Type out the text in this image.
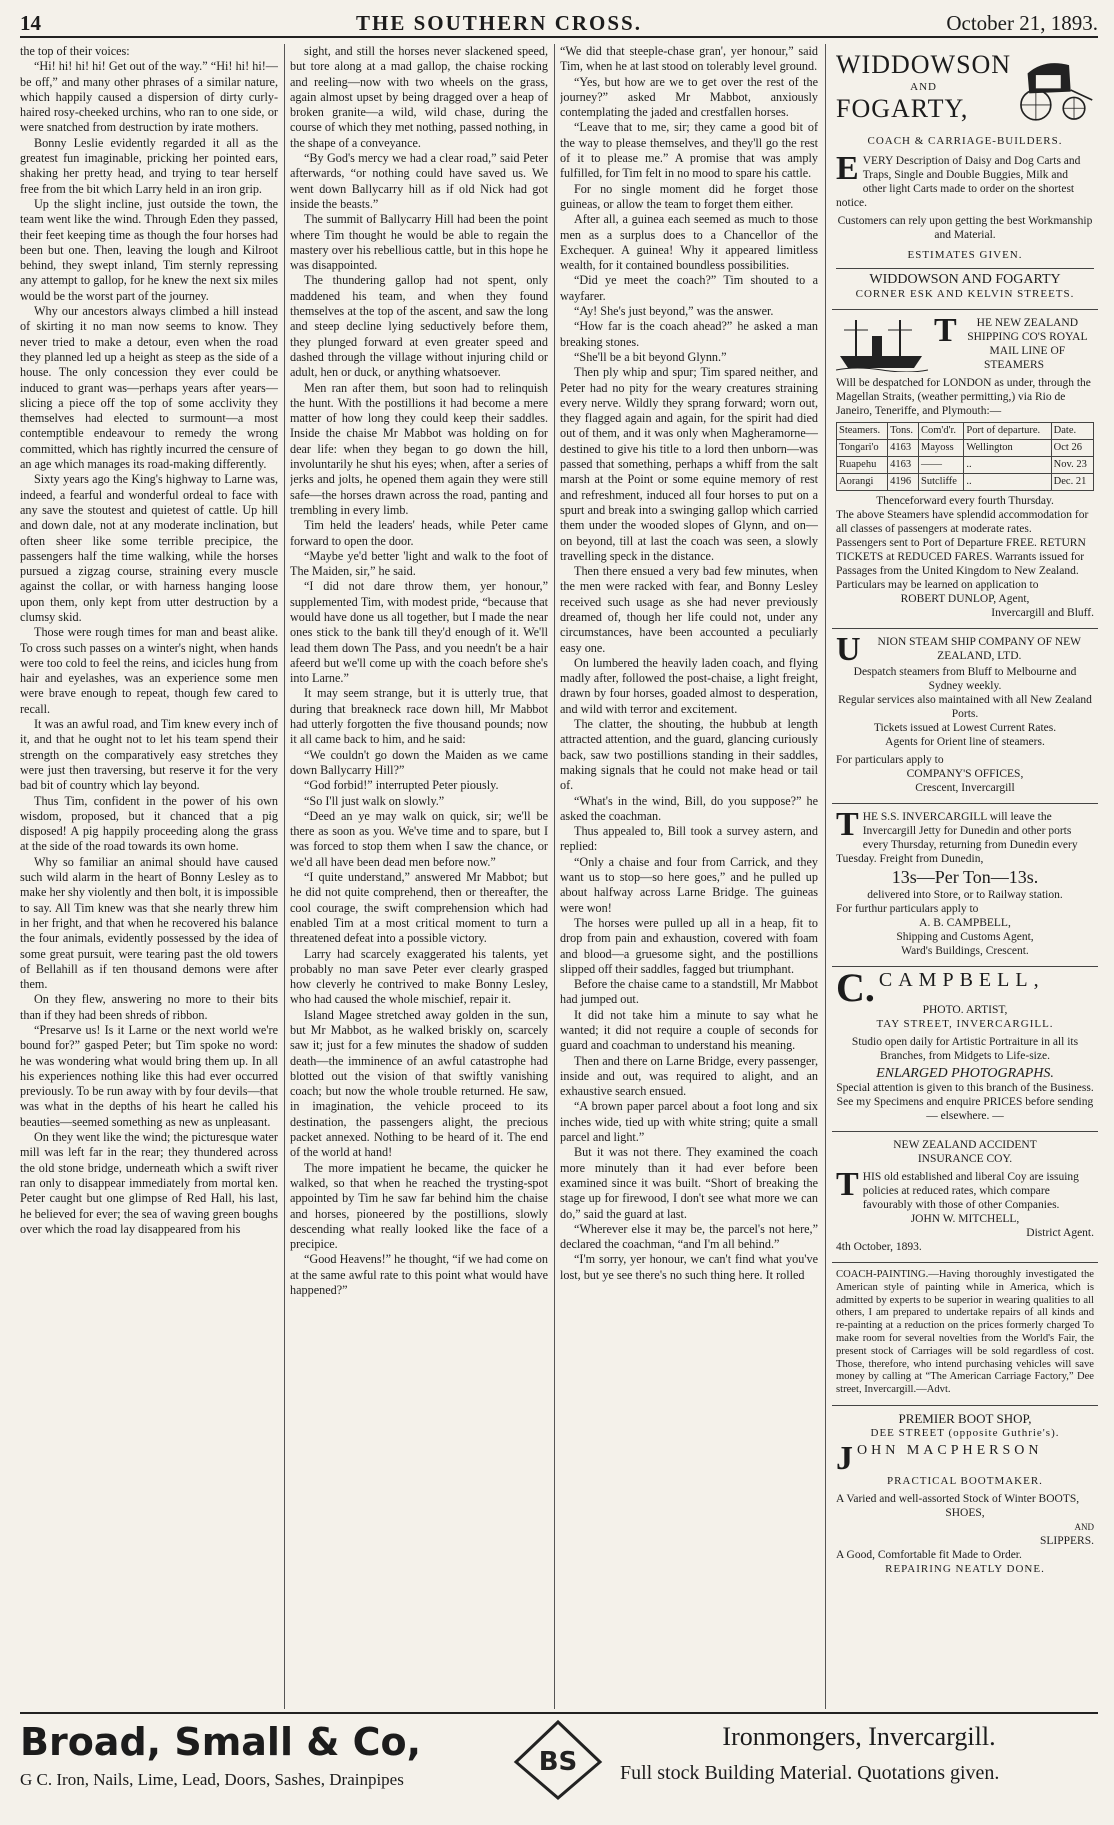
14	THE SOUTHERN CROSS.	October 21, 1893.

the top of their voices:

“Hi! hi! hi! hi! Get out of the way.” “Hi! hi! hi!—be off,” and many other phrases of a similar nature, which happily caused a dispersion of dirty curly-haired rosy-cheeked urchins, who ran to one side, or were snatched from destruction by irate mothers.

Bonny Leslie evidently regarded it all as the greatest fun imaginable, pricking her pointed ears, shaking her pretty head, and trying to tear herself free from the bit which Larry held in an iron grip.

Up the slight incline, just outside the town, the team went like the wind. Through Eden they passed, their feet keeping time as though the four horses had been but one. Then, leaving the lough and Kilroot behind, they swept inland, Tim sternly repressing any attempt to gallop, for he knew the next six miles would be the worst part of the journey.

Why our ancestors always climbed a hill instead of skirting it no man now seems to know. They never tried to make a detour, even when the road they planned led up a height as steep as the side of a house. The only concession they ever could be induced to grant was—perhaps years after years—slicing a piece off the top of some acclivity they themselves had elected to surmount—a most contemptible endeavour to remedy the wrong committed, which has rightly incurred the censure of an age which manages its road-making differently.

Sixty years ago the King's highway to Larne was, indeed, a fearful and wonderful ordeal to face with any save the stoutest and quietest of cattle. Up hill and down dale, not at any moderate inclination, but often sheer like some terrible precipice, the passengers half the time walking, while the horses pursued a zigzag course, straining every muscle against the collar, or with harness hanging loose upon them, only kept from utter destruction by a clumsy skid.

Those were rough times for man and beast alike. To cross such passes on a winter's night, when hands were too cold to feel the reins, and icicles hung from hair and eyelashes, was an experience some men were brave enough to repeat, though few cared to recall.

It was an awful road, and Tim knew every inch of it, and that he ought not to let his team spend their strength on the comparatively easy stretches they were just then traversing, but reserve it for the very bad bit of country which lay beyond.

Thus Tim, confident in the power of his own wisdom, proposed, but it chanced that a pig disposed! A pig happily proceeding along the grass at the side of the road towards its own home.

Why so familiar an animal should have caused such wild alarm in the heart of Bonny Lesley as to make her shy violently and then bolt, it is impossible to say. All Tim knew was that she nearly threw him in her fright, and that when he recovered his balance the four animals, evidently possessed by the idea of some great pursuit, were tearing past the old towers of Bellahill as if ten thousand demons were after them.

On they flew, answering no more to their bits than if they had been shreds of ribbon.

“Presarve us! Is it Larne or the next world we're bound for?” gasped Peter; but Tim spoke no word: he was wondering what would bring them up. In all his experiences nothing like this had ever occurred previously. To be run away with by four devils—that was what in the depths of his heart he called his beauties—seemed something as new as unpleasant.

On they went like the wind; the picturesque water mill was left far in the rear; they thundered across the old stone bridge, underneath which a swift river ran only to disappear immediately from mortal ken. Peter caught but one glimpse of Red Hall, his last, he believed for ever; the sea of waving green boughs over which the road lay disappeared from his

sight, and still the horses never slackened speed, but tore along at a mad gallop, the chaise rocking and reeling—now with two wheels on the grass, again almost upset by being dragged over a heap of broken granite—a wild, wild chase, during the course of which they met nothing, passed nothing, in the shape of a conveyance.

“By God's mercy we had a clear road,” said Peter afterwards, “or nothing could have saved us. We went down Ballycarry hill as if old Nick had got inside the beasts.”

The summit of Ballycarry Hill had been the point where Tim thought he would be able to regain the mastery over his rebellious cattle, but in this hope he was disappointed.

The thundering gallop had not spent, only maddened his team, and when they found themselves at the top of the ascent, and saw the long and steep decline lying seductively before them, they plunged forward at even greater speed and dashed through the village without injuring child or adult, hen or duck, or anything whatsoever.

Men ran after them, but soon had to relinquish the hunt. With the postillions it had become a mere matter of how long they could keep their saddles. Inside the chaise Mr Mabbot was holding on for dear life: when they began to go down the hill, involuntarily he shut his eyes; when, after a series of jerks and jolts, he opened them again they were still safe—the horses drawn across the road, panting and trembling in every limb.

Tim held the leaders' heads, while Peter came forward to open the door.

“Maybe ye'd better 'light and walk to the foot of The Maiden, sir,” he said.

“I did not dare throw them, yer honour,” supplemented Tim, with modest pride, “because that would have done us all together, but I made the near ones stick to the bank till they'd enough of it. We'll lead them down The Pass, and you needn't be a hair afeerd but we'll come up with the coach before she's into Larne.”

It may seem strange, but it is utterly true, that during that breakneck race down hill, Mr Mabbot had utterly forgotten the five thousand pounds; now it all came back to him, and he said:

“We couldn't go down the Maiden as we came down Ballycarry Hill?”

“God forbid!” interrupted Peter piously.

“So I'll just walk on slowly.”

“Deed an ye may walk on quick, sir; we'll be there as soon as you. We've time and to spare, but I was forced to stop them when I saw the chance, or we'd all have been dead men before now.”

“I quite understand,” answered Mr Mabbot; but he did not quite comprehend, then or thereafter, the cool courage, the swift comprehension which had enabled Tim at a most critical moment to turn a threatened defeat into a possible victory.

Larry had scarcely exaggerated his talents, yet probably no man save Peter ever clearly grasped how cleverly he contrived to make Bonny Lesley, who had caused the whole mischief, repair it.

Island Magee stretched away golden in the sun, but Mr Mabbot, as he walked briskly on, scarcely saw it; just for a few minutes the shadow of sudden death—the imminence of an awful catastrophe had blotted out the vision of that swiftly vanishing coach; but now the whole trouble returned. He saw, in imagination, the vehicle proceed to its destination, the passengers alight, the precious packet annexed. Nothing to be heard of it. The end of the world at hand!

The more impatient he became, the quicker he walked, so that when he reached the trysting-spot appointed by Tim he saw far behind him the chaise and horses, pioneered by the postillions, slowly descending what really looked like the face of a precipice.

“Good Heavens!” he thought, “if we had come on at the same awful rate to this point what would have happened?”

“We did that steeple-chase gran', yer honour,” said Tim, when he at last stood on tolerably level ground.

“Yes, but how are we to get over the rest of the journey?” asked Mr Mabbot, anxiously contemplating the jaded and crestfallen horses.

“Leave that to me, sir; they came a good bit of the way to please themselves, and they'll go the rest of it to please me.” A promise that was amply fulfilled, for Tim felt in no mood to spare his cattle.

For no single moment did he forget those guineas, or allow the team to forget them either.

After all, a guinea each seemed as much to those men as a surplus does to a Chancellor of the Exchequer. A guinea! Why it appeared limitless wealth, for it contained boundless possibilities.

“Did ye meet the coach?” Tim shouted to a wayfarer.

“Ay! She's just beyond,” was the answer.

“How far is the coach ahead?” he asked a man breaking stones.

“She'll be a bit beyond Glynn.”

Then ply whip and spur; Tim spared neither, and Peter had no pity for the weary creatures straining every nerve. Wildly they sprang forward; worn out, they flagged again and again, for the spirit had died out of them, and it was only when Magheramorne—destined to give his title to a lord then unborn—was passed that something, perhaps a whiff from the salt marsh at the Point or some equine memory of rest and refreshment, induced all four horses to put on a spurt and break into a swinging gallop which carried them under the wooded slopes of Glynn, and on—on beyond, till at last the coach was seen, a slowly travelling speck in the distance.

Then there ensued a very bad few minutes, when the men were racked with fear, and Bonny Lesley received such usage as she had never previously dreamed of, though her life could not, under any circumstances, have been accounted a peculiarly easy one.

On lumbered the heavily laden coach, and flying madly after, followed the post-chaise, a light freight, drawn by four horses, goaded almost to desperation, and wild with terror and excitement.

The clatter, the shouting, the hubbub at length attracted attention, and the guard, glancing curiously back, saw two postillions standing in their saddles, making signals that he could not make head or tail of.

“What's in the wind, Bill, do you suppose?” he asked the coachman.

Thus appealed to, Bill took a survey astern, and replied:

“Only a chaise and four from Carrick, and they want us to stop—so here goes,” and he pulled up about halfway across Larne Bridge. The guineas were won!

The horses were pulled up all in a heap, fit to drop from pain and exhaustion, covered with foam and blood—a gruesome sight, and the postillions slipped off their saddles, fagged but triumphant.

Before the chaise came to a standstill, Mr Mabbot had jumped out.

It did not take him a minute to say what he wanted; it did not require a couple of seconds for guard and coachman to understand his meaning.

Then and there on Larne Bridge, every passenger, inside and out, was required to alight, and an exhaustive search ensued.

“A brown paper parcel about a foot long and six inches wide, tied up with white string; quite a small parcel and light.”

But it was not there. They examined the coach more minutely than it had ever before been examined since it was built. “Short of breaking the stage up for firewood, I don't see what more we can do,” said the guard at last.

“Wherever else it may be, the parcel's not here,” declared the coachman, “and I'm all behind.”

“I'm sorry, yer honour, we can't find what you've lost, but ye see there's no such thing here. It rolled

WIDDOWSON
AND
FOGARTY,
COACH & CARRIAGE-BUILDERS.
EVERY Description of Daisy and Dog Carts and Traps, Single and Double Buggies, Milk and other light Carts made to order on the shortest notice.
Customers can rely upon getting the best Workmanship and Material.
ESTIMATES GIVEN.
WIDDOWSON AND FOGARTY
CORNER ESK AND KELVIN STREETS.
T HE NEW ZEALAND SHIPPING CO'S ROYAL MAIL LINE OF STEAMERS
Will be despatched for LONDON as under, through the Magellan Straits, (weather permitting,) via Rio de Janeiro, Teneriffe, and Plymouth:—
Steamers.	Tons.	Com'd'r.	Port of departure.	Date.
Tongari'o	4163	Mayoss	Wellington	Oct 26
Ruapehu	4163	——	..	Nov. 23
Aorangi	4196	Sutcliffe	..	Dec. 21
Thenceforward every fourth Thursday.
The above Steamers have splendid accommodation for all classes of passengers at moderate rates.
Passengers sent to Port of Departure FREE. RETURN TICKETS at REDUCED FARES. Warrants issued for Passages from the United Kingdom to New Zealand. Particulars may be learned on application to
ROBERT DUNLOP, Agent,
Invercargill and Bluff.
U NION STEAM SHIP COMPANY OF NEW ZEALAND, LTD.
Despatch steamers from Bluff to Melbourne and Sydney weekly.
Regular services also maintained with all New Zealand Ports.
Tickets issued at Lowest Current Rates.
Agents for Orient line of steamers.
For particulars apply to
COMPANY'S OFFICES,
Crescent, Invercargill
THE S.S. INVERCARGILL will leave the Invercargill Jetty for Dunedin and other ports every Thursday, returning from Dunedin every Tuesday. Freight from Dunedin,
13s—Per Ton—13s.
delivered into Store, or to Railway station.
For furthur particulars apply to
A. B. CAMPBELL,
Shipping and Customs Agent,
Ward's Buildings, Crescent.
C. CAMPBELL,
PHOTO. ARTIST,
TAY STREET, INVERCARGILL.
Studio open daily for Artistic Portraiture in all its Branches, from Midgets to Life-size.
ENLARGED PHOTOGRAPHS.
Special attention is given to this branch of the Business. See my Specimens and enquire PRICES before sending — elsewhere. —
NEW ZEALAND ACCIDENT
INSURANCE COY.
THIS old established and liberal Coy are issuing policies at reduced rates, which compare favourably with those of other Companies.
JOHN W. MITCHELL,
District Agent.
4th October, 1893.
COACH-PAINTING.—Having thoroughly investigated the American style of painting while in America, which is admitted by experts to be superior in wearing qualities to all others, I am prepared to undertake repairs of all kinds and re-painting at a reduction on the prices formerly charged To make room for several novelties from the World's Fair, the present stock of Carriages will be sold regardless of cost. Those, therefore, who intend purchasing vehicles will save money by calling at “The American Carriage Factory,” Dee street, Invercargill.—Advt.
PREMIER BOOT SHOP,
DEE STREET (opposite Guthrie's).
JOHN MACPHERSON
PRACTICAL BOOTMAKER.
A Varied and well-assorted Stock of Winter BOOTS,
SHOES,
AND
SLIPPERS.
A Good, Comfortable fit Made to Order.
REPAIRING NEATLY DONE.
Broad, Small & Co,
G C. Iron, Nails, Lime, Lead, Doors, Sashes, Drainpipes
BS
Ironmongers, Invercargill.
Full stock Building Material. Quotations given.
